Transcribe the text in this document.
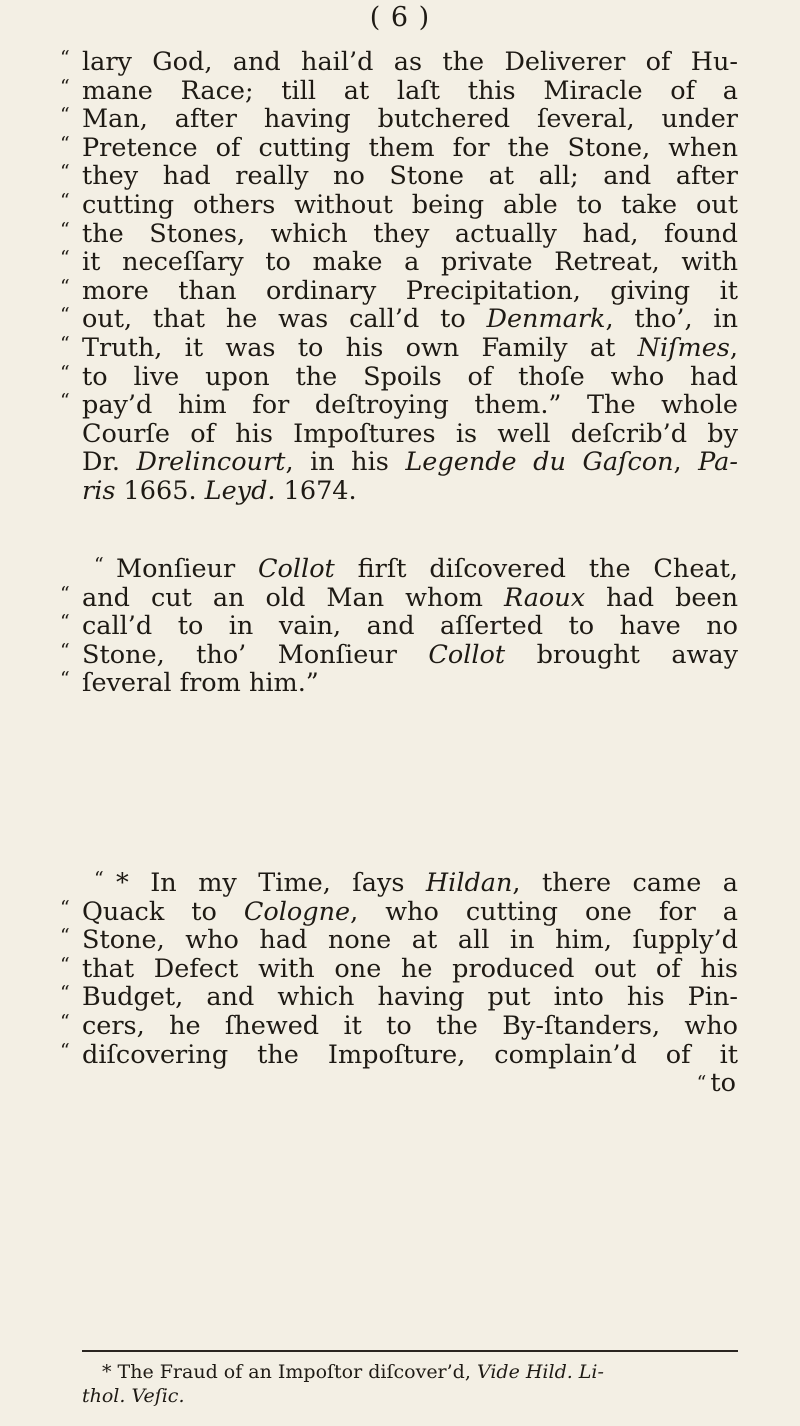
( 6 )
“ lary God, and hail’d as the Deliverer of Hu-
“ mane Race; till at laſt this Miracle of a
“ Man, after having butchered ſeveral, under
“ Pretence of cutting them for the Stone, when
“ they had really no Stone at all; and after
“ cutting others without being able to take out
“ the Stones, which they actually had, found
“ it neceſſary to make a private Retreat, with
“ more than ordinary Precipitation, giving it
“ out, that he was call’d to Denmark, tho’, in
“ Truth, it was to his own Family at Niſmes,
“ to live upon the Spoils of thoſe who had
“ pay’d him for deſtroying them.” The whole
Courſe of his Impoſtures is well deſcrib’d by
Dr. Drelincourt, in his Legende du Gaſcon, Pa-
ris 1665. Leyd. 1674.
“ Monſieur Collot firſt diſcovered the Cheat,
“ and cut an old Man whom Raoux had been
“ call’d to in vain, and aſſerted to have no
“ Stone, tho’ Monſieur Collot brought away
“ ſeveral from him.”
“ * In my Time, ſays Hildan, there came a
“ Quack to Cologne, who cutting one for a
“ Stone, who had none at all in him, ſupply’d
“ that Defect with one he produced out of his
“ Budget, and which having put into his Pin-
“ cers, he ſhewed it to the By-ſtanders, who
“ diſcovering the Impoſture, complain’d of it
“ to
* The Fraud of an Impoſtor diſcover’d, Vide Hild. Li-
thol. Veſic.
